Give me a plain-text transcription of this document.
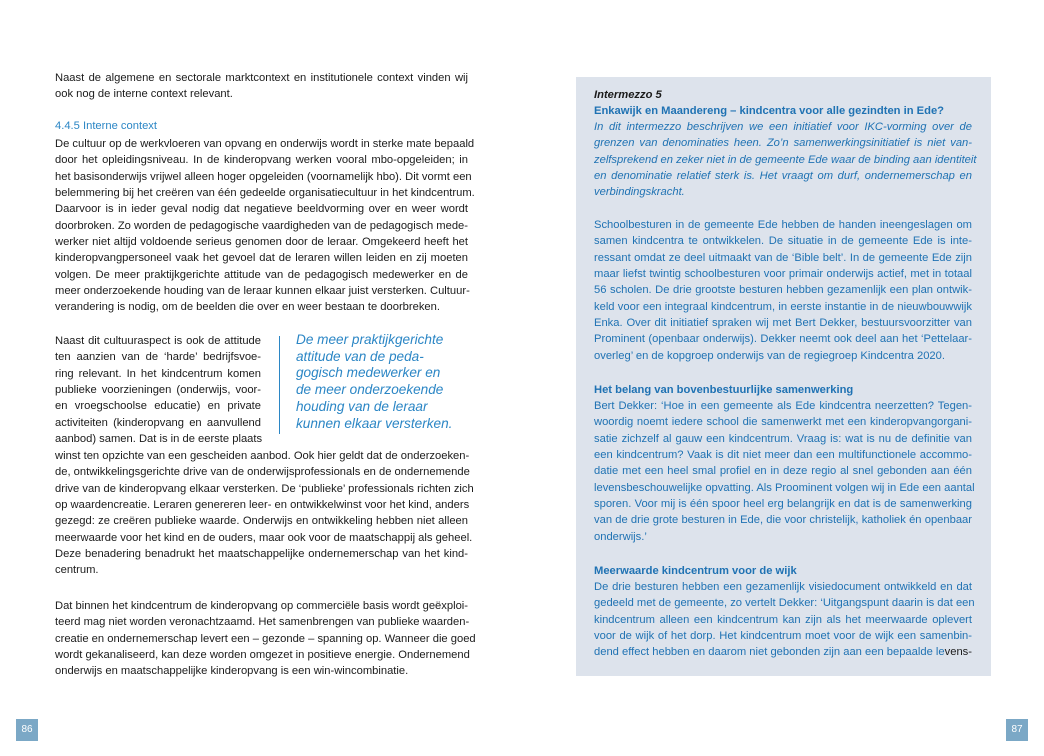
Naast de algemene en sectorale marktcontext en institutionele context vinden wij
ook nog de interne context relevant.
4.4.5 Interne context
De cultuur op de werkvloeren van opvang en onderwijs wordt in sterke mate bepaald
door het opleidingsniveau. In de kinderopvang werken vooral mbo-opgeleiden; in
het basisonderwijs vrijwel alleen hoger opgeleiden (voornamelijk hbo). Dit vormt een
belemmering bij het creëren van één gedeelde organisatiecultuur in het kindcentrum.
Daarvoor is in ieder geval nodig dat negatieve beeldvorming over en weer wordt
doorbroken. Zo worden de pedagogische vaardigheden van de pedagogisch mede-
werker niet altijd voldoende serieus genomen door de leraar. Omgekeerd heeft het
kinderopvangpersoneel vaak het gevoel dat de leraren willen leiden en zij moeten
volgen. De meer praktijkgerichte attitude van de pedagogisch medewerker en de
meer onderzoekende houding van de leraar kunnen elkaar juist versterken. Cultuur-
verandering is nodig, om de beelden die over en weer bestaan te doorbreken.
Naast dit cultuuraspect is ook de attitude
ten aanzien van de ‘harde’ bedrijfsvoe-
ring relevant. In het kindcentrum komen
publieke voorzieningen (onderwijs, voor-
en vroegschoolse educatie) en private
activiteiten (kinderopvang en aanvullend
aanbod) samen. Dat is in de eerste plaats
De meer praktijkgerichte
attitude van de peda-
gogisch medewerker en
de meer onderzoekende
houding van de leraar
kunnen elkaar versterken.
winst ten opzichte van een gescheiden aanbod. Ook hier geldt dat de onderzoeken-
de, ontwikkelingsgerichte drive van de onderwijsprofessionals en de ondernemende
drive van de kinderopvang elkaar versterken. De ‘publieke’ professionals richten zich
op waardencreatie. Leraren genereren leer- en ontwikkelwinst voor het kind, anders
gezegd: ze creëren publieke waarde. Onderwijs en ontwikkeling hebben niet alleen
meerwaarde voor het kind en de ouders, maar ook voor de maatschappij als geheel.
Deze benadering benadrukt het maatschappelijke ondernemerschap van het kind-
centrum.
Dat binnen het kindcentrum de kinderopvang op commerciële basis wordt geëxploi-
teerd mag niet worden veronachtzaamd. Het samenbrengen van publieke waarden-
creatie en ondernemerschap levert een – gezonde – spanning op. Wanneer die goed
wordt gekanaliseerd, kan deze worden omgezet in positieve energie. Ondernemend
onderwijs en maatschappelijke kinderopvang is een win-wincombinatie.
86	87
Intermezzo 5
Enkawijk en Maandereng – kindcentra voor alle gezindten in Ede?
In dit intermezzo beschrijven we een initiatief voor IKC-vorming over de
grenzen van denominaties heen. Zo’n samenwerkingsinitiatief is niet van-
zelfsprekend en zeker niet in de gemeente Ede waar de binding aan identiteit
en denominatie relatief sterk is. Het vraagt om durf, ondernemerschap en
verbindingskracht.
Schoolbesturen in de gemeente Ede hebben de handen ineengeslagen om
samen kindcentra te ontwikkelen. De situatie in de gemeente Ede is inte-
ressant omdat ze deel uitmaakt van de ‘Bible belt’. In de gemeente Ede zijn
maar liefst twintig schoolbesturen voor primair onderwijs actief, met in totaal
56 scholen. De drie grootste besturen hebben gezamenlijk een plan ontwik-
keld voor een integraal kindcentrum, in eerste instantie in de nieuwbouwwijk
Enka. Over dit initiatief spraken wij met Bert Dekker, bestuursvoorzitter van
Prominent (openbaar onderwijs). Dekker neemt ook deel aan het ‘Pettelaar-
overleg’ en de kopgroep onderwijs van de regiegroep Kindcentra 2020.
Het belang van bovenbestuurlijke samenwerking
Bert Dekker: ‘Hoe in een gemeente als Ede kindcentra neerzetten? Tegen-
woordig noemt iedere school die samenwerkt met een kinderopvangorgani-
satie zichzelf al gauw een kindcentrum. Vraag is: wat is nu de definitie van
een kindcentrum? Vaak is dit niet meer dan een multifunctionele accommo-
datie met een heel smal profiel en in deze regio al snel gebonden aan één
levensbeschouwelijke opvatting. Als Proominent volgen wij in Ede een aantal
sporen. Voor mij is één spoor heel erg belangrijk en dat is de samenwerking
van de drie grote besturen in Ede, die voor christelijk, katholiek én openbaar
onderwijs.’
Meerwaarde kindcentrum voor de wijk
De drie besturen hebben een gezamenlijk visiedocument ontwikkeld en dat
gedeeld met de gemeente, zo vertelt Dekker: ‘Uitgangspunt daarin is dat een
kindcentrum alleen een kindcentrum kan zijn als het meerwaarde oplevert
voor de wijk of het dorp. Het kindcentrum moet voor de wijk een samenbin-
dend effect hebben en daarom niet gebonden zijn aan een bepaalde levens-
